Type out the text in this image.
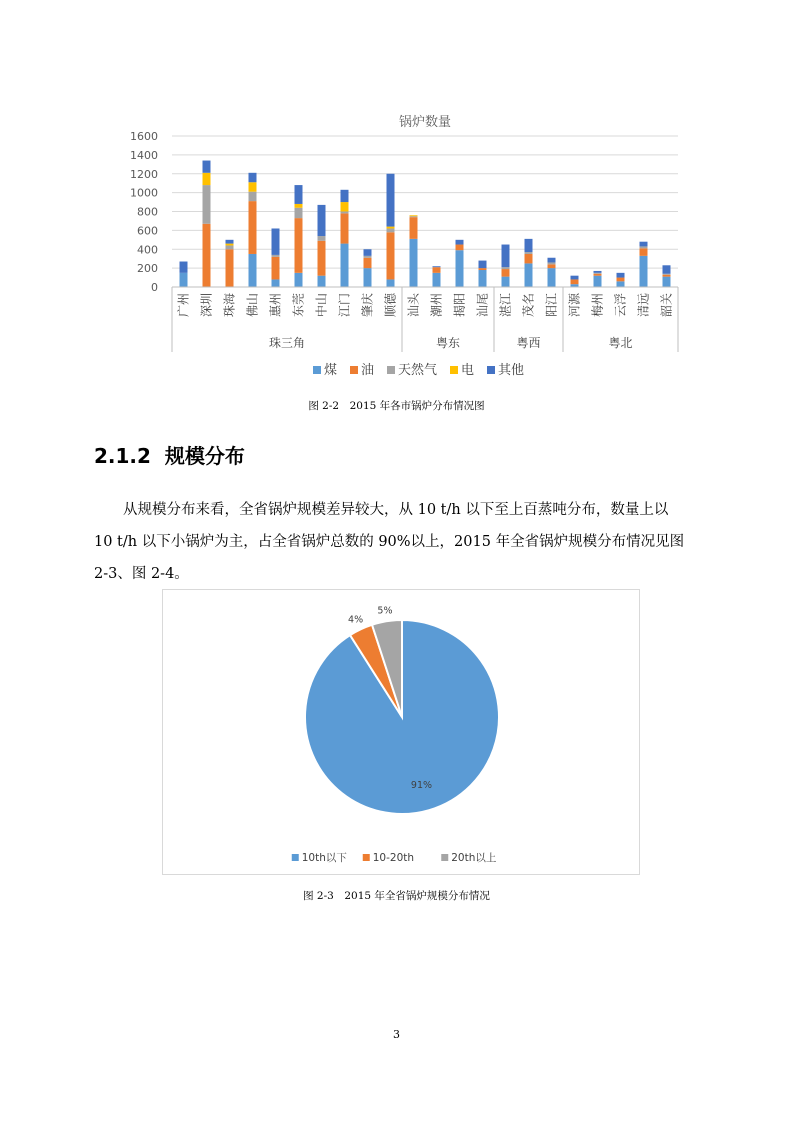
锅炉数量
0
200
400
600
800
1000
1200
1400
1600
广州 深圳 珠海 佛山 惠州 东莞 中山 江门 肇庆 顺德 汕头 潮州 揭阳 汕尾 湛江 茂名 阳江 河源 梅州 云浮 清远 韶关
珠三角	粤东	粤西	粤北
煤 油 天然气 电 其他
图 2-2　2015 年各市锅炉分布情况图
2.1.2 规模分布
从规模分布来看，全省锅炉规模差异较大，从 10 t/h 以下至上百蒸吨分布，数量上以
10 t/h 以下小锅炉为主，占全省锅炉总数的 90%以上，2015 年全省锅炉规模分布情况见图
2-3、图 2-4。
91%
4%
5%
10th以下 10-20th	20th以上
图 2-3　2015 年全省锅炉规模分布情况
3
